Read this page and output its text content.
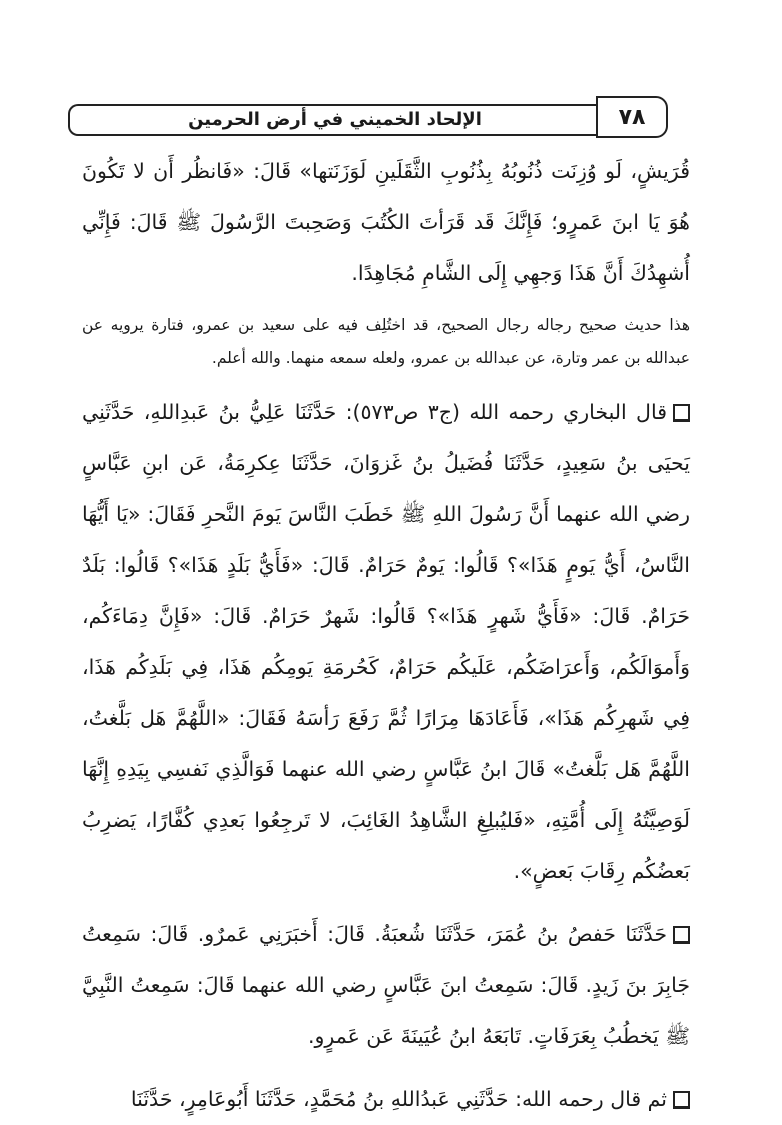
الإلحاد الخميني في أرض الحرمين	٧٨

قُرَيشٍ، لَو وُزِنَت ذُنُوبُهُ بِذُنُوبِ الثَّقَلَينِ لَوَزَنَتها» قَالَ: «فَانظُر أَن لا تَكُونَ هُوَ يَا ابنَ عَمرٍو؛ فَإِنَّكَ قَد قَرَأتَ الكُتُبَ وَصَحِبتَ الرَّسُولَ ﷺ قَالَ: فَإِنِّي أُشهِدُكَ أَنَّ هَذَا وَجهِي إِلَى الشَّامِ مُجَاهِدًا.

هذا حديث صحيح رجاله رجال الصحيح، قد اختُلِف فيه على سعيد بن عمرو، فتارة يرويه عن عبدالله بن عمر وتارة، عن عبدالله بن عمرو، ولعله سمعه منهما. والله أعلم.

قال البخاري رحمه الله (ج٣ ص٥٧٣): حَدَّثَنَا عَلِيُّ بنُ عَبدِاللهِ، حَدَّثَنِي يَحيَى بنُ سَعِيدٍ، حَدَّثَنَا فُضَيلُ بنُ غَزوَانَ، حَدَّثَنَا عِكرِمَةُ، عَن ابنِ عَبَّاسٍ رضي الله عنهما أَنَّ رَسُولَ اللهِ ﷺ خَطَبَ النَّاسَ يَومَ النَّحرِ فَقَالَ: «يَا أَيُّهَا النَّاسُ، أَيُّ يَومٍ هَذَا»؟ قَالُوا: يَومٌ حَرَامٌ. قَالَ: «فَأَيُّ بَلَدٍ هَذَا»؟ قَالُوا: بَلَدٌ حَرَامٌ. قَالَ: «فَأَيُّ شَهرٍ هَذَا»؟ قَالُوا: شَهرٌ حَرَامٌ. قَالَ: «فَإِنَّ دِمَاءَكُم، وَأَموَالَكُم، وَأَعرَاضَكُم، عَلَيكُم حَرَامٌ، كَحُرمَةِ يَومِكُم هَذَا، فِي بَلَدِكُم هَذَا، فِي شَهرِكُم هَذَا»، فَأَعَادَهَا مِرَارًا ثُمَّ رَفَعَ رَأسَهُ فَقَالَ: «اللَّهُمَّ هَل بَلَّغتُ، اللَّهُمَّ هَل بَلَّغتُ» قَالَ ابنُ عَبَّاسٍ رضي الله عنهما فَوَالَّذِي نَفسِي بِيَدِهِ إِنَّهَا لَوَصِيَّتُهُ إِلَى أُمَّتِهِ، «فَليُبلِغِ الشَّاهِدُ الغَائِبَ، لا تَرجِعُوا بَعدِي كُفَّارًا، يَضرِبُ بَعضُكُم رِقَابَ بَعضٍ».

حَدَّثَنَا حَفصُ بنُ عُمَرَ، حَدَّثَنَا شُعبَةُ. قَالَ: أَخبَرَنِي عَمرٌو. قَالَ: سَمِعتُ جَابِرَ بنَ زَيدٍ. قَالَ: سَمِعتُ ابنَ عَبَّاسٍ رضي الله عنهما قَالَ: سَمِعتُ النَّبِيَّ ﷺ يَخطُبُ بِعَرَفَاتٍ. تَابَعَهُ ابنُ عُيَينَةَ عَن عَمرٍو.

ثم قال رحمه الله: حَدَّثَنِي عَبدُاللهِ بنُ مُحَمَّدٍ، حَدَّثَنَا أَبُوعَامِرٍ، حَدَّثَنَا
